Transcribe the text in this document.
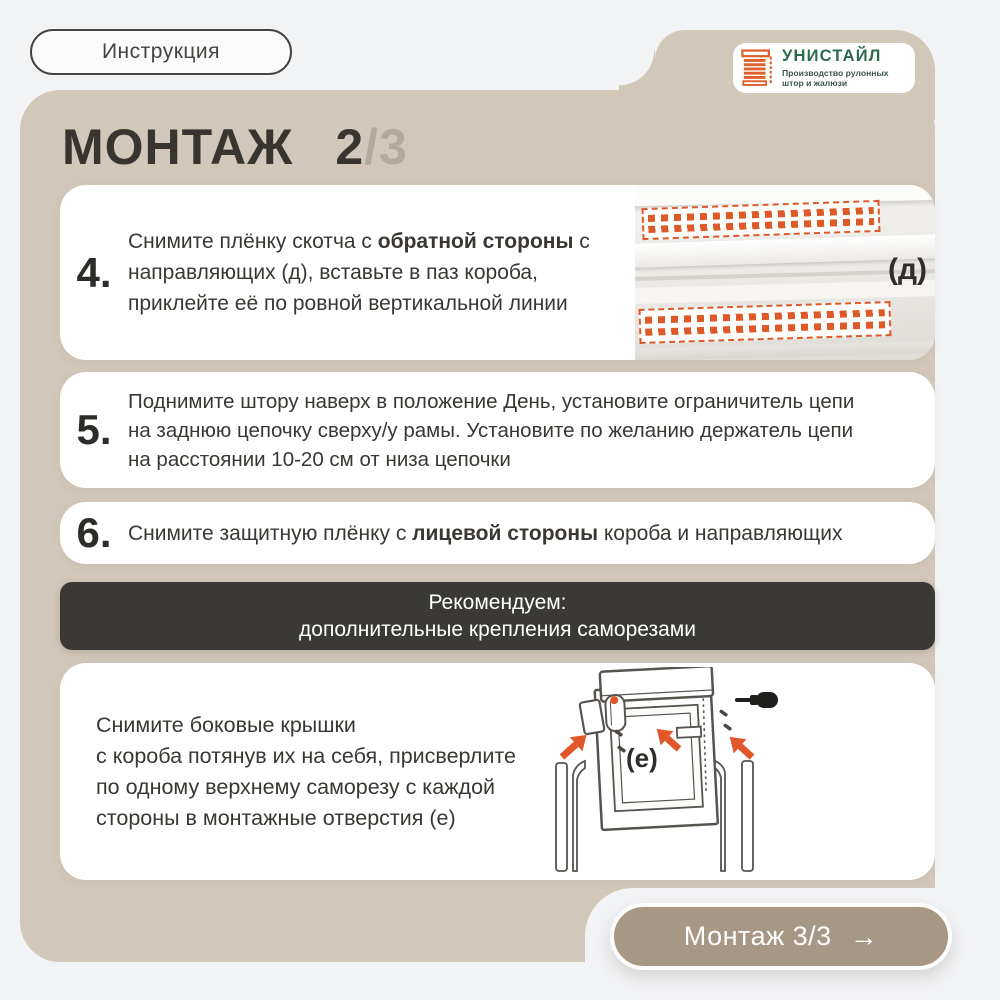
Инструкция	УНИСТАЙЛ
Производство рулонных
штор и жалюзи
МОНТАЖ 2/3
4.
Снимите плёнку скотча с обратной стороны с
направляющих (д), вставьте в паз короба,
приклейте её по ровной вертикальной линии
(д)
5.
Поднимите штору наверх в положение День, установите ограничитель цепи
на заднюю цепочку сверху/у рамы. Установите по желанию держатель цепи
на расстоянии 10-20 см от низа цепочки
6. Снимите защитную плёнку с лицевой стороны короба и направляющих
Рекомендуем:
дополнительные крепления саморезами
Снимите боковые крышки
с короба потянув их на себя, присверлите
по одному верхнему саморезу с каждой
стороны в монтажные отверстия (е)
(e)
Монтаж 3/3 →
